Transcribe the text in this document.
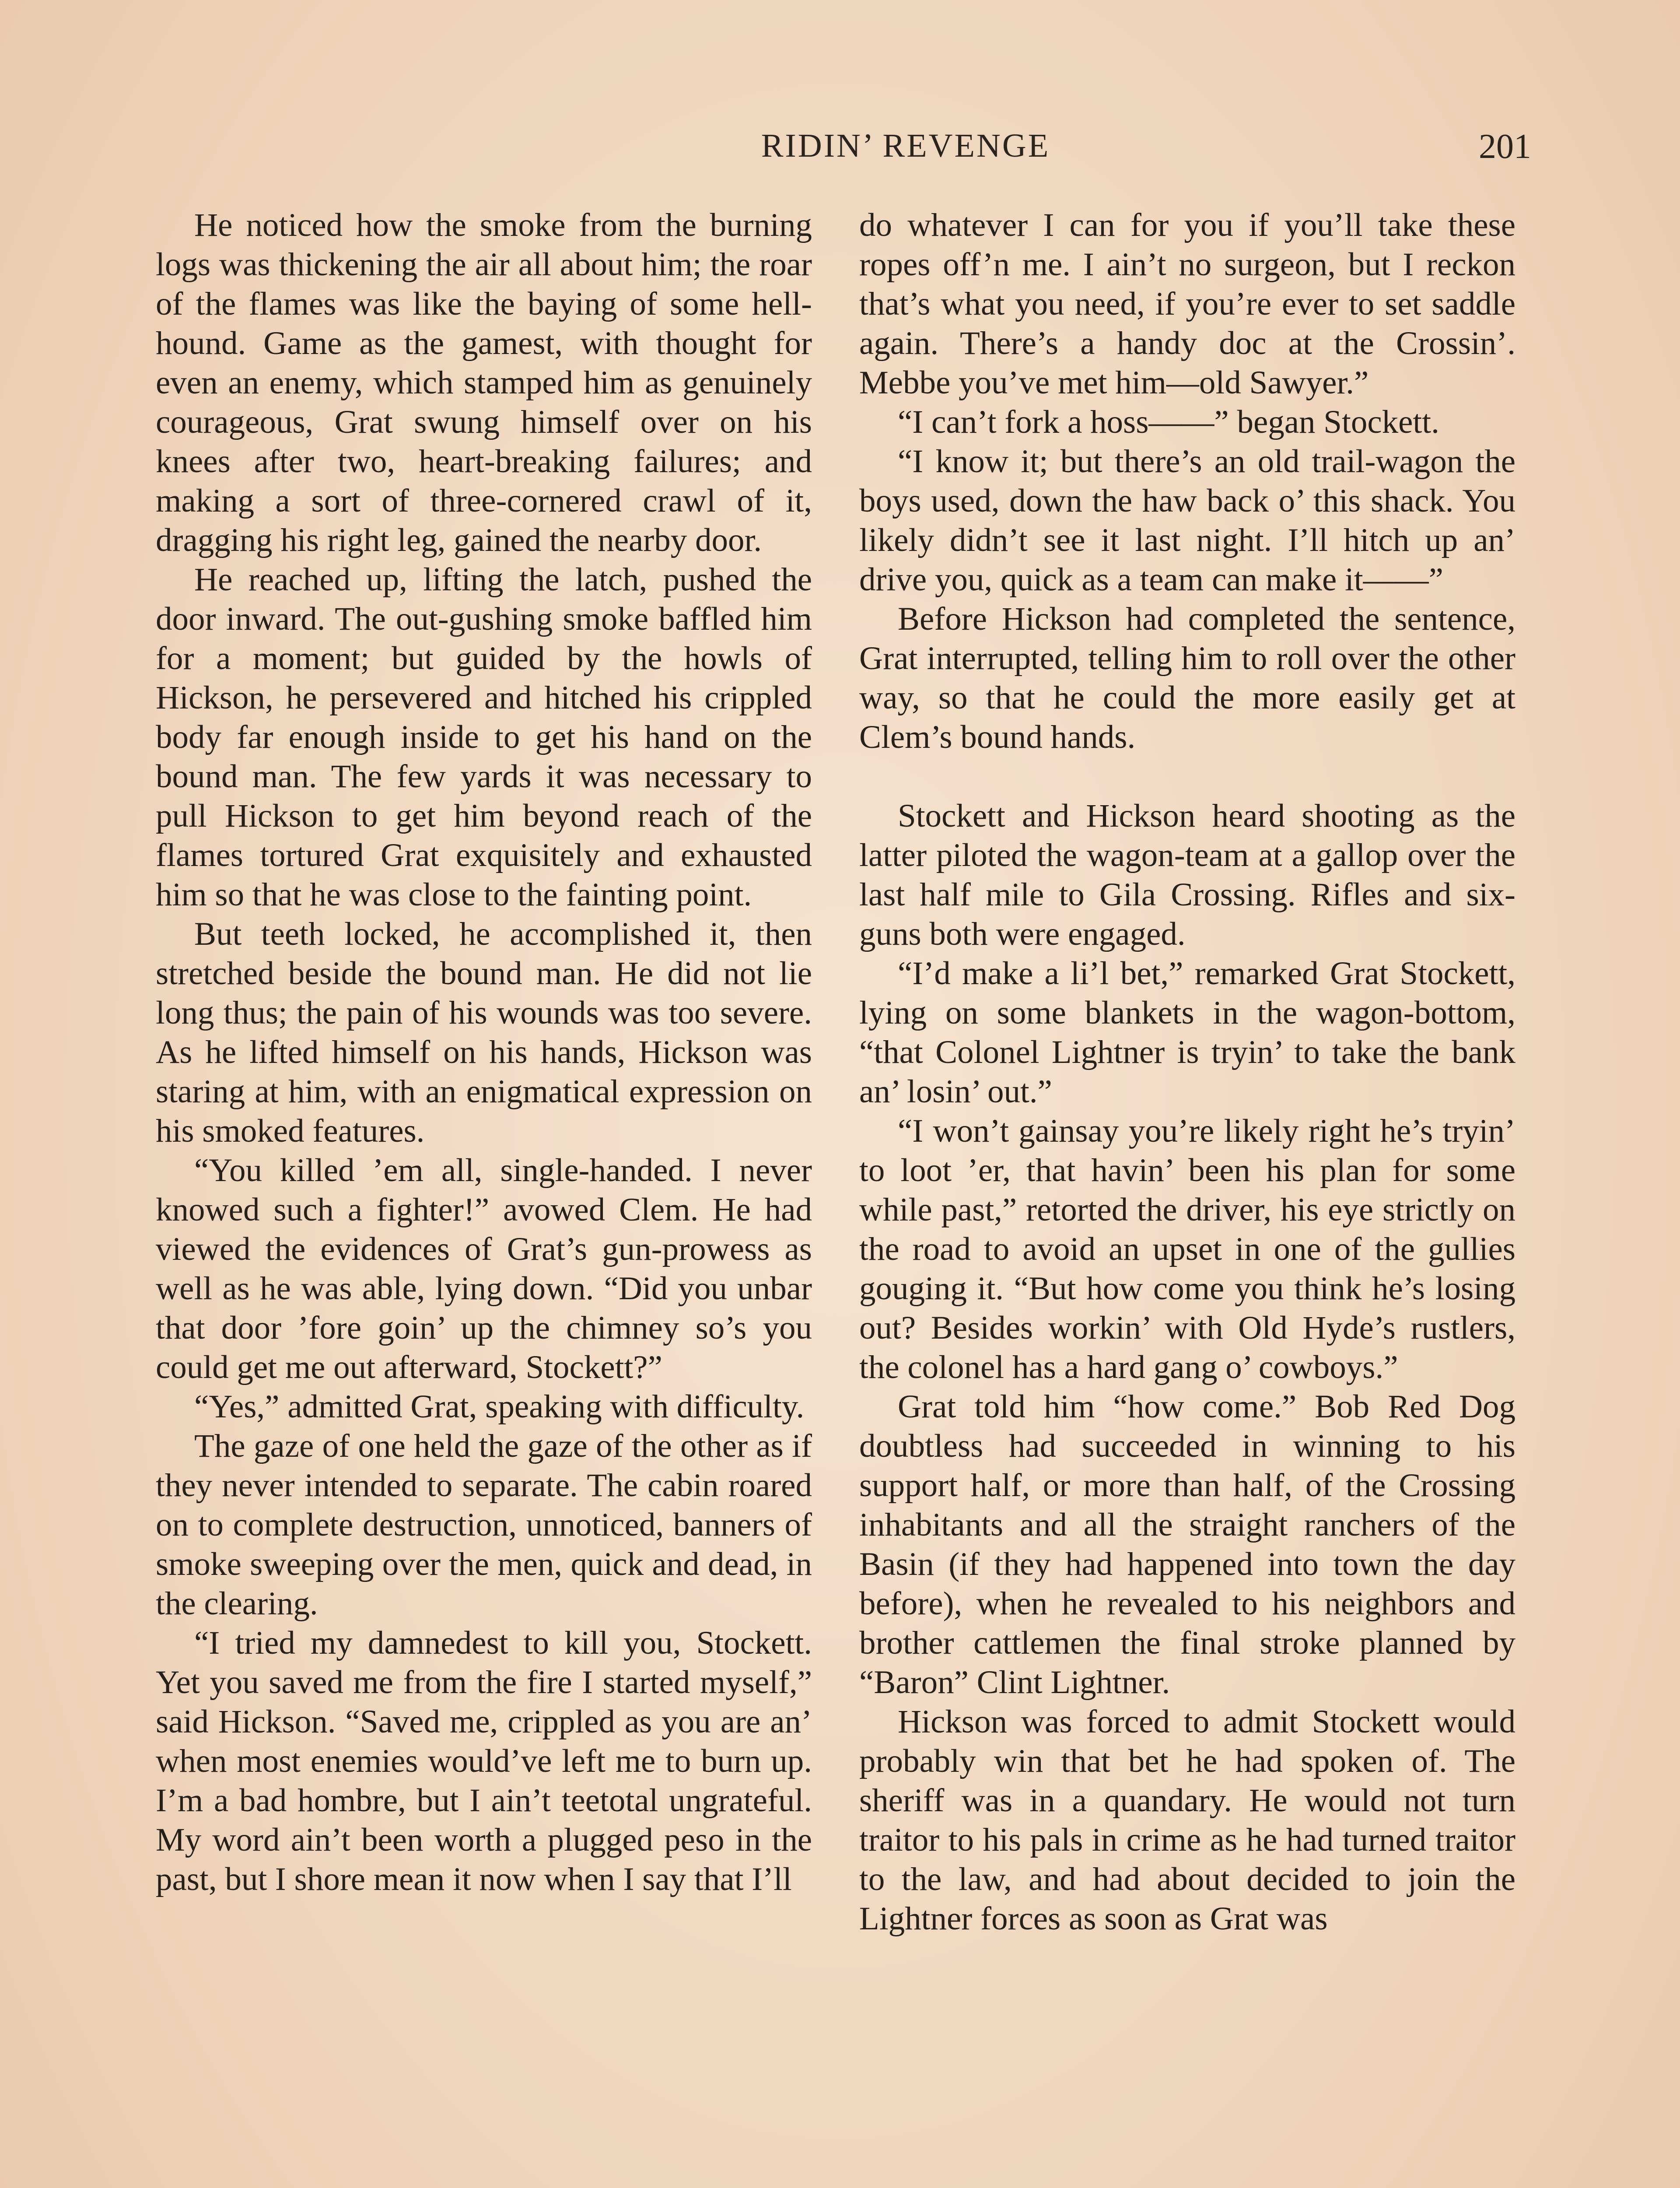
RIDIN’ REVENGE	201

He noticed how the smoke from the burning logs was thickening the air all about him; the roar of the flames was like the baying of some hell-hound. Game as the gamest, with thought for even an enemy, which stamped him as genuinely courageous, Grat swung himself over on his knees after two, heart-breaking failures; and making a sort of three-cornered crawl of it, dragging his right leg, gained the nearby door.

He reached up, lifting the latch, pushed the door inward. The out-gushing smoke baffled him for a moment; but guided by the howls of Hickson, he persevered and hitched his crippled body far enough inside to get his hand on the bound man. The few yards it was necessary to pull Hickson to get him beyond reach of the flames tortured Grat exquisitely and exhausted him so that he was close to the fainting point.

But teeth locked, he accomplished it, then stretched beside the bound man. He did not lie long thus; the pain of his wounds was too severe. As he lifted himself on his hands, Hickson was staring at him, with an enigmatical expression on his smoked features.

“You killed ’em all, single-handed. I never knowed such a fighter!” avowed Clem. He had viewed the evidences of Grat’s gun-prowess as well as he was able, lying down. “Did you unbar that door ’fore goin’ up the chimney so’s you could get me out afterward, Stockett?”

“Yes,” admitted Grat, speaking with difficulty.

The gaze of one held the gaze of the other as if they never intended to separate. The cabin roared on to complete destruction, unnoticed, banners of smoke sweeping over the men, quick and dead, in the clearing.

“I tried my damnedest to kill you, Stockett. Yet you saved me from the fire I started myself,” said Hickson. “Saved me, crippled as you are an’ when most enemies would’ve left me to burn up. I’m a bad hombre, but I ain’t teetotal ungrateful. My word ain’t been worth a plugged peso in the past, but I shore mean it now when I say that I’ll

do whatever I can for you if you’ll take these ropes off’n me. I ain’t no surgeon, but I reckon that’s what you need, if you’re ever to set saddle again. There’s a handy doc at the Crossin’. Mebbe you’ve met him—old Sawyer.”

“I can’t fork a hoss——” began Stockett.

“I know it; but there’s an old trail-wagon the boys used, down the haw back o’ this shack. You likely didn’t see it last night. I’ll hitch up an’ drive you, quick as a team can make it——”

Before Hickson had completed the sentence, Grat interrupted, telling him to roll over the other way, so that he could the more easily get at Clem’s bound hands.

Stockett and Hickson heard shooting as the latter piloted the wagon-team at a gallop over the last half mile to Gila Crossing. Rifles and six-guns both were engaged.

“I’d make a li’l bet,” remarked Grat Stockett, lying on some blankets in the wagon-bottom, “that Colonel Lightner is tryin’ to take the bank an’ losin’ out.”

“I won’t gainsay you’re likely right he’s tryin’ to loot ’er, that havin’ been his plan for some while past,” retorted the driver, his eye strictly on the road to avoid an upset in one of the gullies gouging it. “But how come you think he’s losing out? Besides workin’ with Old Hyde’s rustlers, the colonel has a hard gang o’ cowboys.”

Grat told him “how come.” Bob Red Dog doubtless had succeeded in winning to his support half, or more than half, of the Crossing inhabitants and all the straight ranchers of the Basin (if they had happened into town the day before), when he revealed to his neighbors and brother cattlemen the final stroke planned by “Baron” Clint Lightner.

Hickson was forced to admit Stockett would probably win that bet he had spoken of. The sheriff was in a quandary. He would not turn traitor to his pals in crime as he had turned traitor to the law, and had about decided to join the Lightner forces as soon as Grat was
